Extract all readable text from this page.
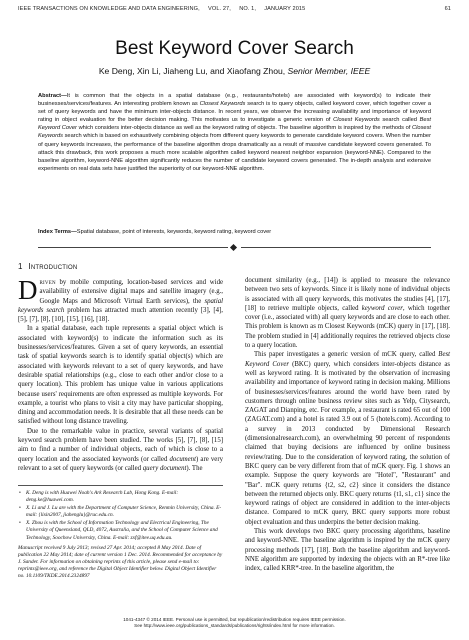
IEEE TRANSACTIONS ON KNOWLEDGE AND DATA ENGINEERING, VOL. 27, NO. 1, JANUARY 2015	61
Best Keyword Cover Search
Ke Deng, Xin Li, Jiaheng Lu, and Xiaofang Zhou, Senior Member, IEEE

Abstract—It is common that the objects in a spatial database (e.g., restaurants/hotels) are associated with keyword(s) to indicate their businesses/services/features. An interesting problem known as Closest Keywords search is to query objects, called keyword cover, which together cover a set of query keywords and have the minimum inter-objects distance. In recent years, we observe the increasing availability and importance of keyword rating in object evaluation for the better decision making. This motivates us to investigate a generic version of Closest Keywords search called Best Keyword Cover which considers inter-objects distance as well as the keyword rating of objects. The baseline algorithm is inspired by the methods of Closest Keywords search which is based on exhaustively combining objects from different query keywords to generate candidate keyword covers. When the number of query keywords increases, the performance of the baseline algorithm drops dramatically as a result of massive candidate keyword covers generated. To attack this drawback, this work proposes a much more scalable algorithm called keyword nearest neighbor expansion (keyword-NNE). Compared to the baseline algorithm, keyword-NNE algorithm significantly reduces the number of candidate keyword covers generated. The in-depth analysis and extensive experiments on real data sets have justified the superiority of our keyword-NNE algorithm.

Index Terms—Spatial database, point of interests, keywords, keyword rating, keyword cover

1 Introduction

Driven by mobile computing, location-based services and wide availability of extensive digital maps and satellite imagery (e.g., Google Maps and Microsoft Virtual Earth services), the spatial keywords search problem has attracted much attention recently [3], [4], [5], [7], [8], [10], [15], [16], [18].

In a spatial database, each tuple represents a spatial object which is associated with keyword(s) to indicate the information such as its businesses/services/features. Given a set of query keywords, an essential task of spatial keywords search is to identify spatial object(s) which are associated with keywords relevant to a set of query keywords, and have desirable spatial relationships (e.g., close to each other and/or close to a query location). This problem has unique value in various applications because users' requirements are often expressed as multiple keywords. For example, a tourist who plans to visit a city may have particular shopping, dining and accommodation needs. It is desirable that all these needs can be satisfied without long distance traveling.

Due to the remarkable value in practice, several variants of spatial keyword search problem have been studied. The works [5], [7], [8], [15] aim to find a number of individual objects, each of which is close to a query location and the associated keywords (or called document) are very relevant to a set of query keywords (or called query document). The

• K. Deng is with Huawei Noah's Ark Research Lab, Hong Kong. E-mail: deng.ke@huawei.com.
• X. Li and J. Lu are with the Department of Computer Science, Renmin University, China. E-mail: {lixin2007, jiahenglu}@ruc.edu.cn.
• X. Zhou is with the School of Information Technology and Electrical Engineering, The University of Queensland, QLD, 4072, Australia, and the School of Computer Science and Technology, Soochow University, China. E-mail: zxf@itee.uq.edu.au.

Manuscript received 9 July 2013; revised 27 Apr. 2014; accepted 8 May 2014. Date of publication 22 May 2014; date of current version 1 Dec. 2014. Recommended for acceptance by J. Sander. For information on obtaining reprints of this article, please send e-mail to: reprints@ieee.org, and reference the Digital Object Identifier below. Digital Object Identifier no. 10.1109/TKDE.2014.2324897

document similarity (e.g., [14]) is applied to measure the relevance between two sets of keywords. Since it is likely none of individual objects is associated with all query keywords, this motivates the studies [4], [17], [18] to retrieve multiple objects, called keyword cover, which together cover (i.e., associated with) all query keywords and are close to each other. This problem is known as m Closest Keywords (mCK) query in [17], [18]. The problem studied in [4] additionally requires the retrieved objects close to a query location.

This paper investigates a generic version of mCK query, called Best Keyword Cover (BKC) query, which considers inter-objects distance as well as keyword rating. It is motivated by the observation of increasing availability and importance of keyword rating in decision making. Millions of businesses/services/features around the world have been rated by customers through online business review sites such as Yelp, Citysearch, ZAGAT and Dianping, etc. For example, a restaurant is rated 65 out of 100 (ZAGAT.com) and a hotel is rated 3.9 out of 5 (hotels.com). According to a survey in 2013 conducted by Dimensional Research (dimensionalresearch.com), an overwhelming 90 percent of respondents claimed that buying decisions are influenced by online business review/rating. Due to the consideration of keyword rating, the solution of BKC query can be very different from that of mCK query. Fig. 1 shows an example. Suppose the query keywords are "Hotel", "Restaurant" and "Bar". mCK query returns {t2, s2, c2} since it considers the distance between the returned objects only. BKC query returns {t1, s1, c1} since the keyword ratings of object are considered in addition to the inter-objects distance. Compared to mCK query, BKC query supports more robust object evaluation and thus underpins the better decision making.

This work develops two BKC query processing algorithms, baseline and keyword-NNE. The baseline algorithm is inspired by the mCK query processing methods [17], [18]. Both the baseline algorithm and keyword-NNE algorithm are supported by indexing the objects with an R*-tree like index, called KRR*-tree. In the baseline algorithm, the

1041-4347 © 2014 IEEE. Personal use is permitted, but republication/redistribution requires IEEE permission.
See http://www.ieee.org/publications_standards/publications/rights/index.html for more information.
